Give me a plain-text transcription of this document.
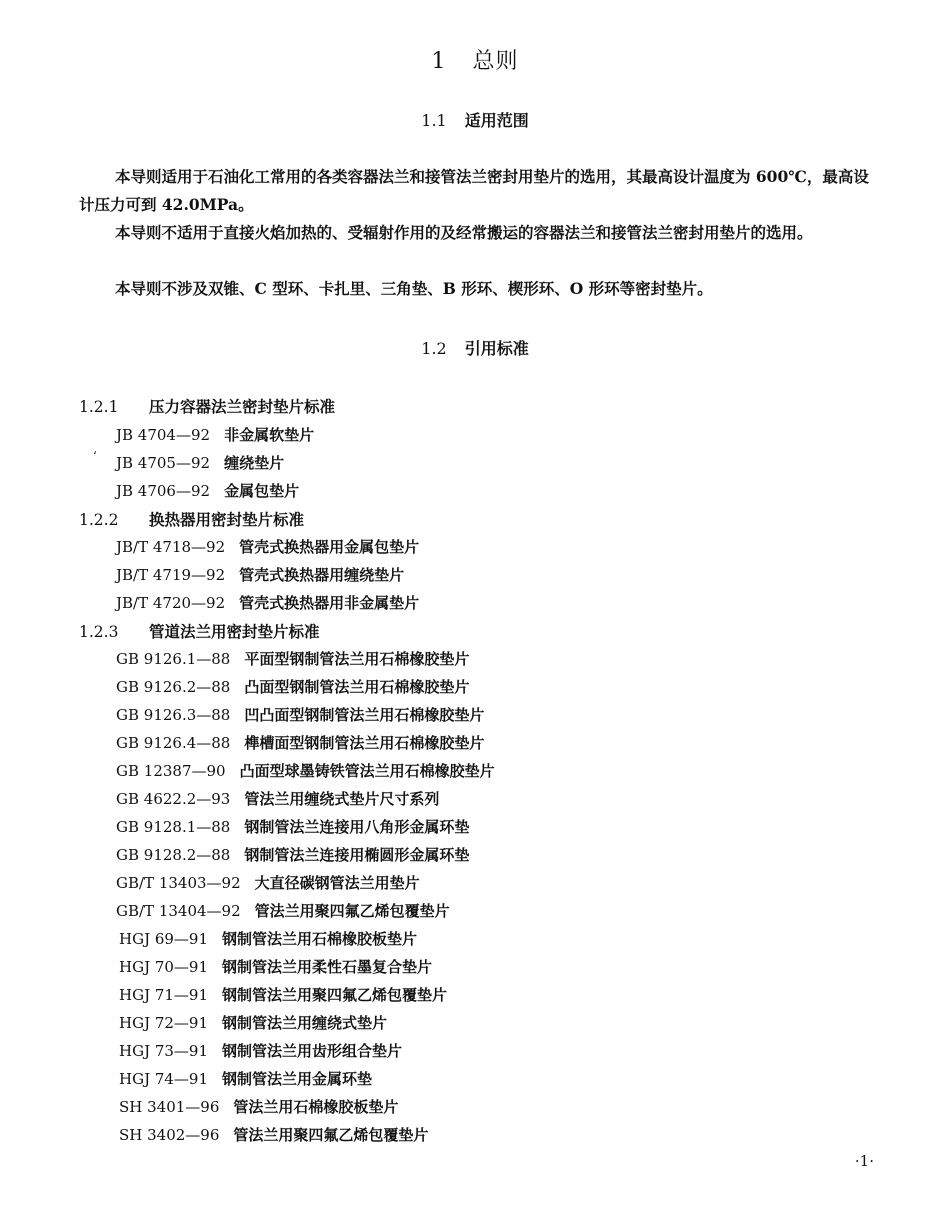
1 总则
1.1 适用范围
本导则适用于石油化工常用的各类容器法兰和接管法兰密封用垫片的选用，其最高设计温度为 600℃，最高设计压力可到 42.0MPa。
本导则不适用于直接火焰加热的、受辐射作用的及经常搬运的容器法兰和接管法兰密封用垫片的选用。
本导则不涉及双锥、C 型环、卡扎里、三角垫、B 形环、楔形环、O 形环等密封垫片。
1.2 引用标准
1.2.1 压力容器法兰密封垫片标准
JB 4704—92 非金属软垫片
‘ JB 4705—92 缠绕垫片
JB 4706—92 金属包垫片
1.2.2 换热器用密封垫片标准
JB/T 4718—92 管壳式换热器用金属包垫片
JB/T 4719—92 管壳式换热器用缠绕垫片
JB/T 4720—92 管壳式换热器用非金属垫片
1.2.3 管道法兰用密封垫片标准
GB 9126.1—88 平面型钢制管法兰用石棉橡胶垫片
GB 9126.2—88 凸面型钢制管法兰用石棉橡胶垫片
GB 9126.3—88 凹凸面型钢制管法兰用石棉橡胶垫片
GB 9126.4—88 榫槽面型钢制管法兰用石棉橡胶垫片
GB 12387—90 凸面型球墨铸铁管法兰用石棉橡胶垫片
GB 4622.2—93 管法兰用缠绕式垫片尺寸系列
GB 9128.1—88 钢制管法兰连接用八角形金属环垫
GB 9128.2—88 钢制管法兰连接用椭圆形金属环垫
GB/T 13403—92 大直径碳钢管法兰用垫片
GB/T 13404—92 管法兰用聚四氟乙烯包覆垫片
HGJ 69—91 钢制管法兰用石棉橡胶板垫片
HGJ 70—91 钢制管法兰用柔性石墨复合垫片
HGJ 71—91 钢制管法兰用聚四氟乙烯包覆垫片
HGJ 72—91 钢制管法兰用缠绕式垫片
HGJ 73—91 钢制管法兰用齿形组合垫片
HGJ 74—91 钢制管法兰用金属环垫
SH 3401—96 管法兰用石棉橡胶板垫片
SH 3402—96 管法兰用聚四氟乙烯包覆垫片
·1·
